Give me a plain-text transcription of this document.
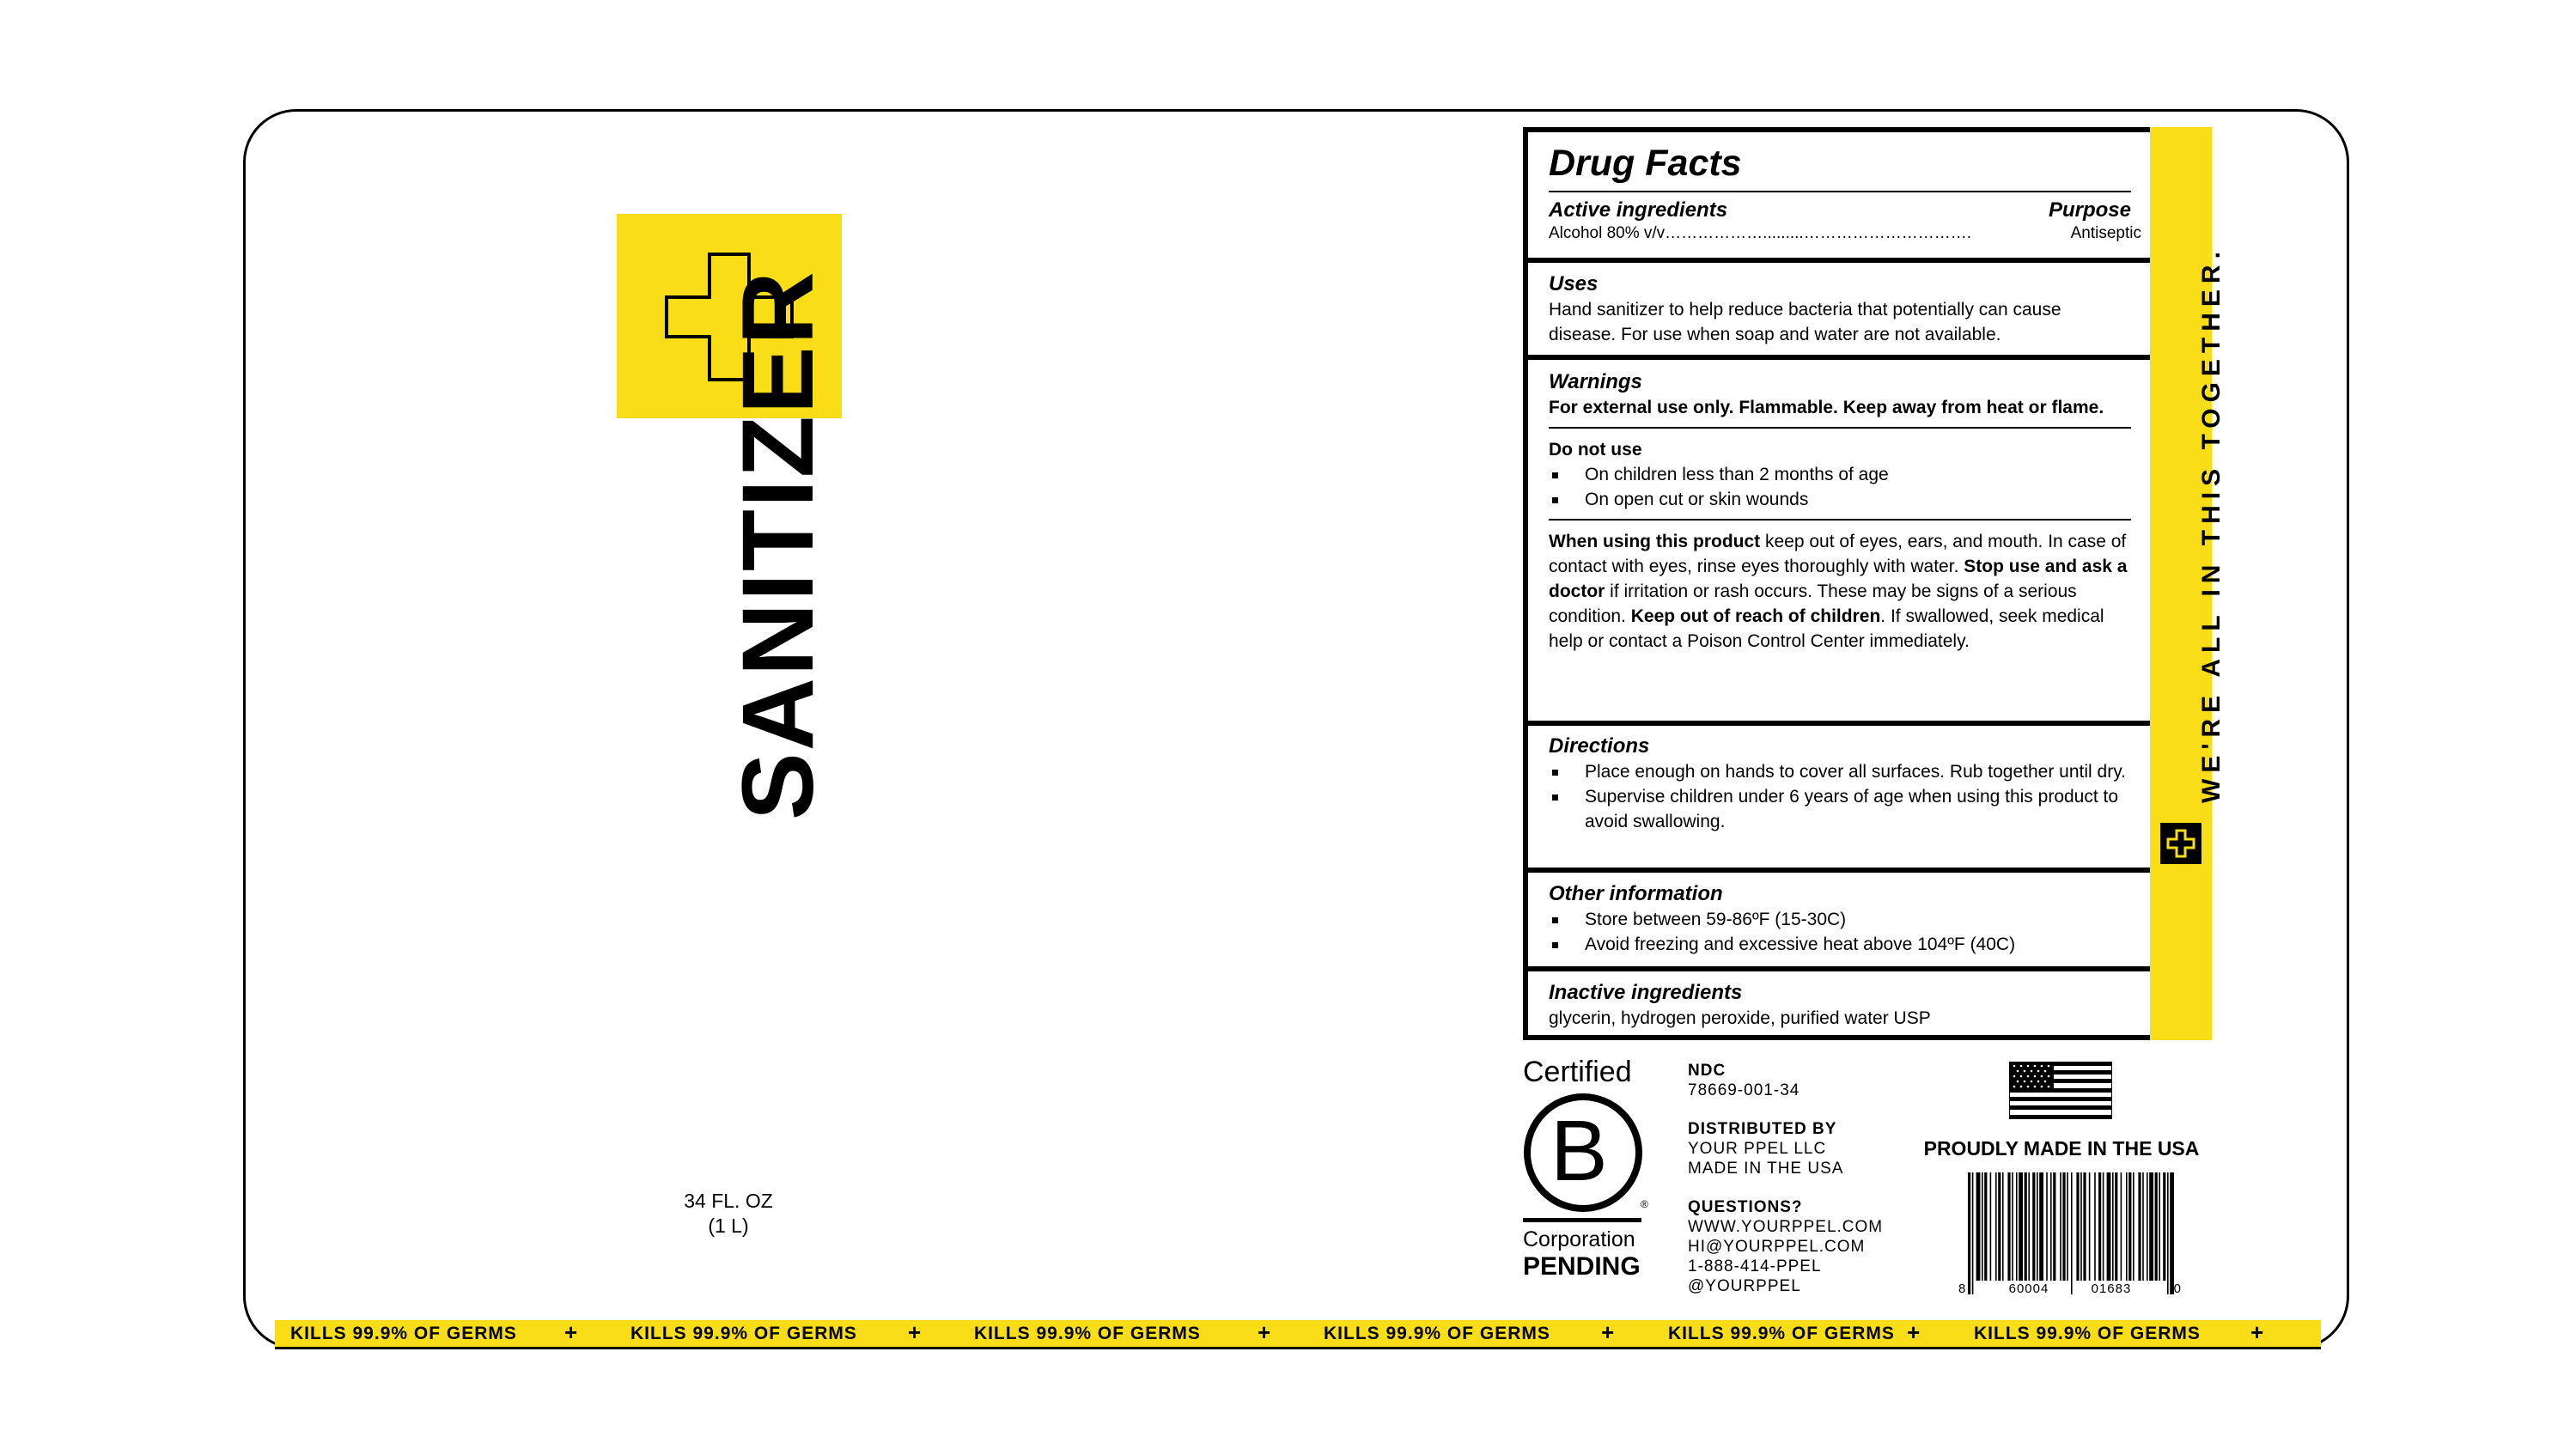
SANITIZER
34 FL. OZ
(1 L)
Drug Facts
Active ingredients	Purpose
Alcohol 80% v/v……………….........………………………….	Antiseptic
Uses
Hand sanitizer to help reduce bacteria that potentially can cause disease. For use when soap and water are not available.
Warnings
For external use only. Flammable. Keep away from heat or flame.
Do not use
On children less than 2 months of age
On open cut or skin wounds
When using this product keep out of eyes, ears, and mouth. In case of contact with eyes, rinse eyes thoroughly with water. Stop use and ask a doctor if irritation or rash occurs. These may be signs of a serious condition. Keep out of reach of children. If swallowed, seek medical help or contact a Poison Control Center immediately.
Directions
Place enough on hands to cover all surfaces. Rub together until dry.
Supervise children under 6 years of age when using this product to avoid swallowing.
Other information
Store between 59-86ºF (15-30C)
Avoid freezing and excessive heat above 104ºF (40C)
Inactive ingredients
glycerin, hydrogen peroxide, purified water USP
WE'RE ALL IN THIS TOGETHER.
Certified
B
®
Corporation
PENDING
NDC
78669-001-34
DISTRIBUTED BY
YOUR PPEL LLC
MADE IN THE USA
QUESTIONS?
WWW.YOURPPEL.COM
HI@YOURPPEL.COM
1-888-414-PPEL
@YOURPPEL
PROUDLY MADE IN THE USA
8	60004	01683	0
KILLS 99.9% OF GERMS +	KILLS 99.9% OF GERMS +	KILLS 99.9% OF GERMS	+	KILLS 99.9% OF GERMS +	KILLS 99.9% OF GERMS +	KILLS 99.9% OF GERMS +
